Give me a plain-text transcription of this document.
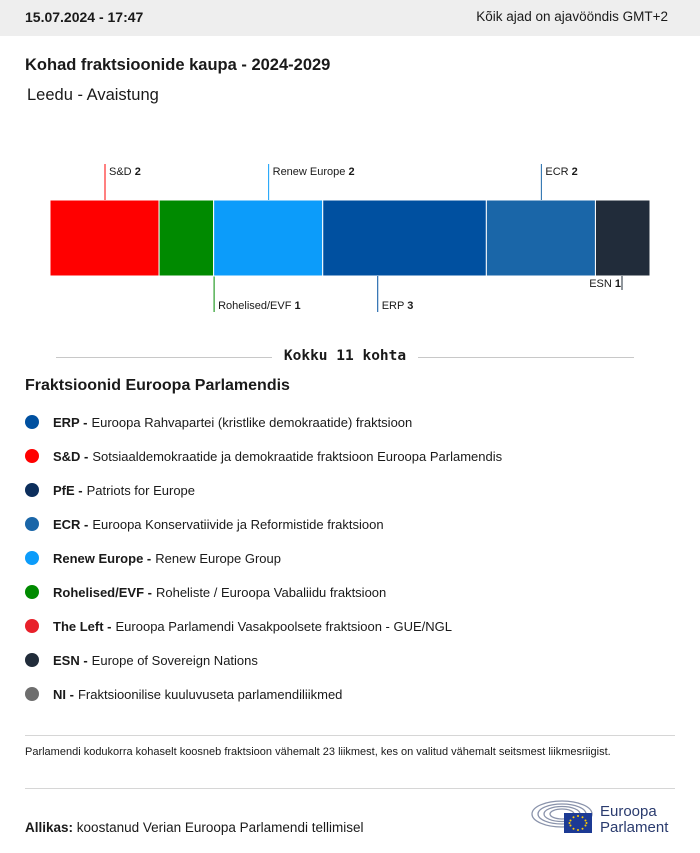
15.07.2024 - 17:47	Kõik ajad on ajavööndis GMT+2
Kohad fraktsioonide kaupa - 2024-2029
Leedu - Avaistung
S&D 2
Rohelised/EVF 1
Renew Europe 2
ERP 3
ECR 2
ESN 1
Kokku 11 kohta
Fraktsioonid Euroopa Parlamendis
ERP - Euroopa Rahvapartei (kristlike demokraatide) fraktsioon
S&D - Sotsiaaldemokraatide ja demokraatide fraktsioon Euroopa Parlamendis
PfE - Patriots for Europe
ECR - Euroopa Konservatiivide ja Reformistide fraktsioon
Renew Europe - Renew Europe Group
Rohelised/EVF - Roheliste / Euroopa Vabaliidu fraktsioon
The Left - Euroopa Parlamendi Vasakpoolsete fraktsioon - GUE/NGL
ESN - Europe of Sovereign Nations
NI - Fraktsioonilise kuuluvuseta parlamendiliikmed
Parlamendi kodukorra kohaselt koosneb fraktsioon vähemalt 23 liikmest, kes on valitud vähemalt seitsmest liikmesriigist.
Allikas: koostanud Verian Euroopa Parlamendi tellimisel
Euroopa
Parlament
